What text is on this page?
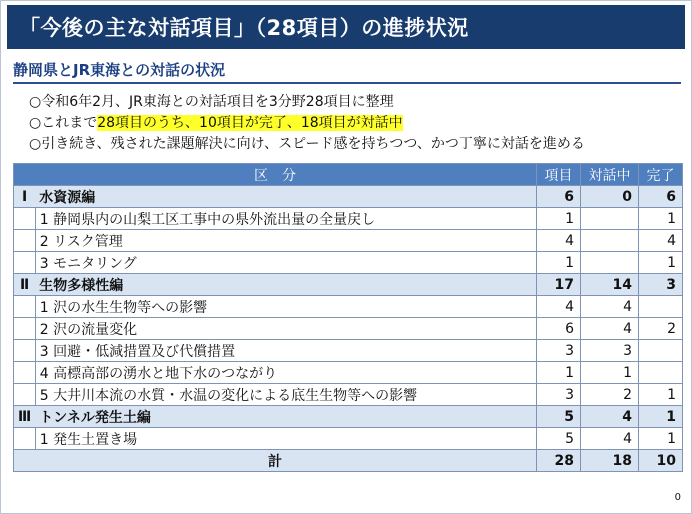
「今後の主な対話項目」（28項目）の進捗状況
静岡県とJR東海との対話の状況
○令和6年2月、JR東海との対話項目を3分野28項目に整理
○これまで28項目のうち、10項目が完了、18項目が対話中
○引き続き、残された課題解決に向け、スピード感を持ちつつ、かつ丁寧に対話を進める
区　分		項目	対話中	完了
Ⅰ	水資源編	6	0	6
	1 静岡県内の山梨工区工事中の県外流出量の全量戻し	1		1
	2 リスク管理	4		4
	3 モニタリング	1		1
Ⅱ	生物多様性編	17	14	3
	1 沢の水生生物等への影響	4	4	
	2 沢の流量変化	6	4	2
	3 回避・低減措置及び代償措置	3	3	
	4 高標高部の湧水と地下水のつながり	1	1	
	5 大井川本流の水質・水温の変化による底生生物等への影響	3	2	1
Ⅲ	トンネル発生土編	5	4	1
	1 発生土置き場	5	4	1
計		28	18	10
0
